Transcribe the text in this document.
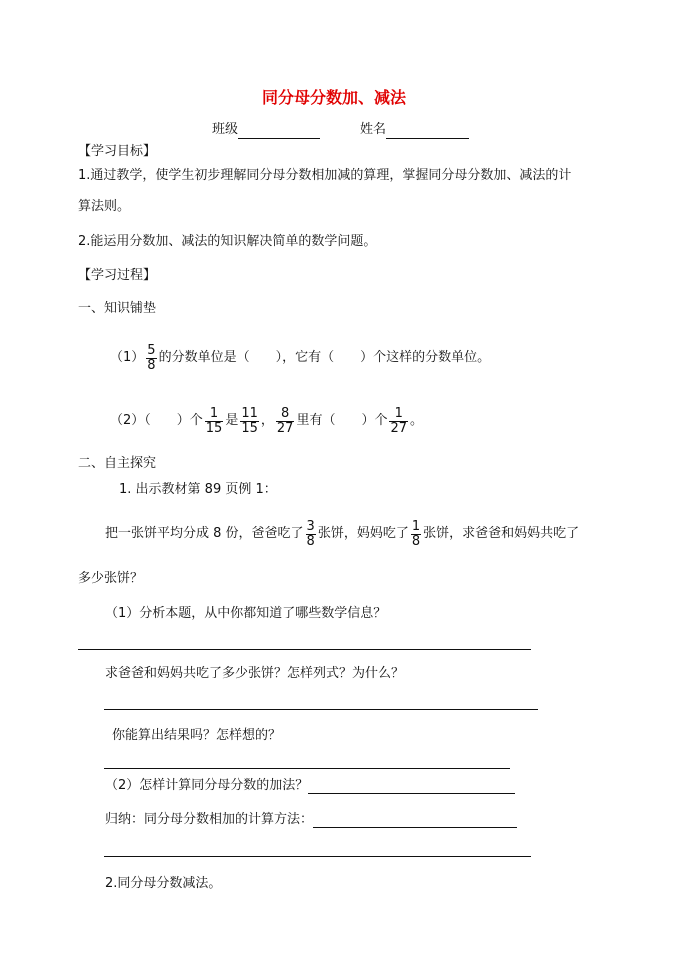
同分母分数加、减法
班级	姓名
【学习目标】
1.通过教学，使学生初步理解同分母分数相加减的算理，掌握同分母分数加、减法的计
算法则。
2.能运用分数加、减法的知识解决简单的数学问题。
【学习过程】
一、知识铺垫
$(1) \frac{5}{8}$ 的分数单位是（　　），它有（　　）个这样的分数单位。
（2）（　　）个 $\frac{1}{15}$ 是 $\frac{11}{15}$ ， $\frac{8}{27}$ 里有（　　）个 $\frac{1}{27}$ 。
二、自主探究
1. 出示教材第 89 页例 1：
把一张饼平均分成 8 份，爸爸吃了 $\frac{3}{8}$ 张饼，妈妈吃了 $\frac{1}{8}$ 张饼，求爸爸和妈妈共吃了
多少张饼？
（1）分析本题，从中你都知道了哪些数学信息？
求爸爸和妈妈共吃了多少张饼？怎样列式？为什么？
你能算出结果吗？怎样想的？
（2）怎样计算同分母分数的加法？
归纳：同分母分数相加的计算方法：
2.同分母分数减法。
